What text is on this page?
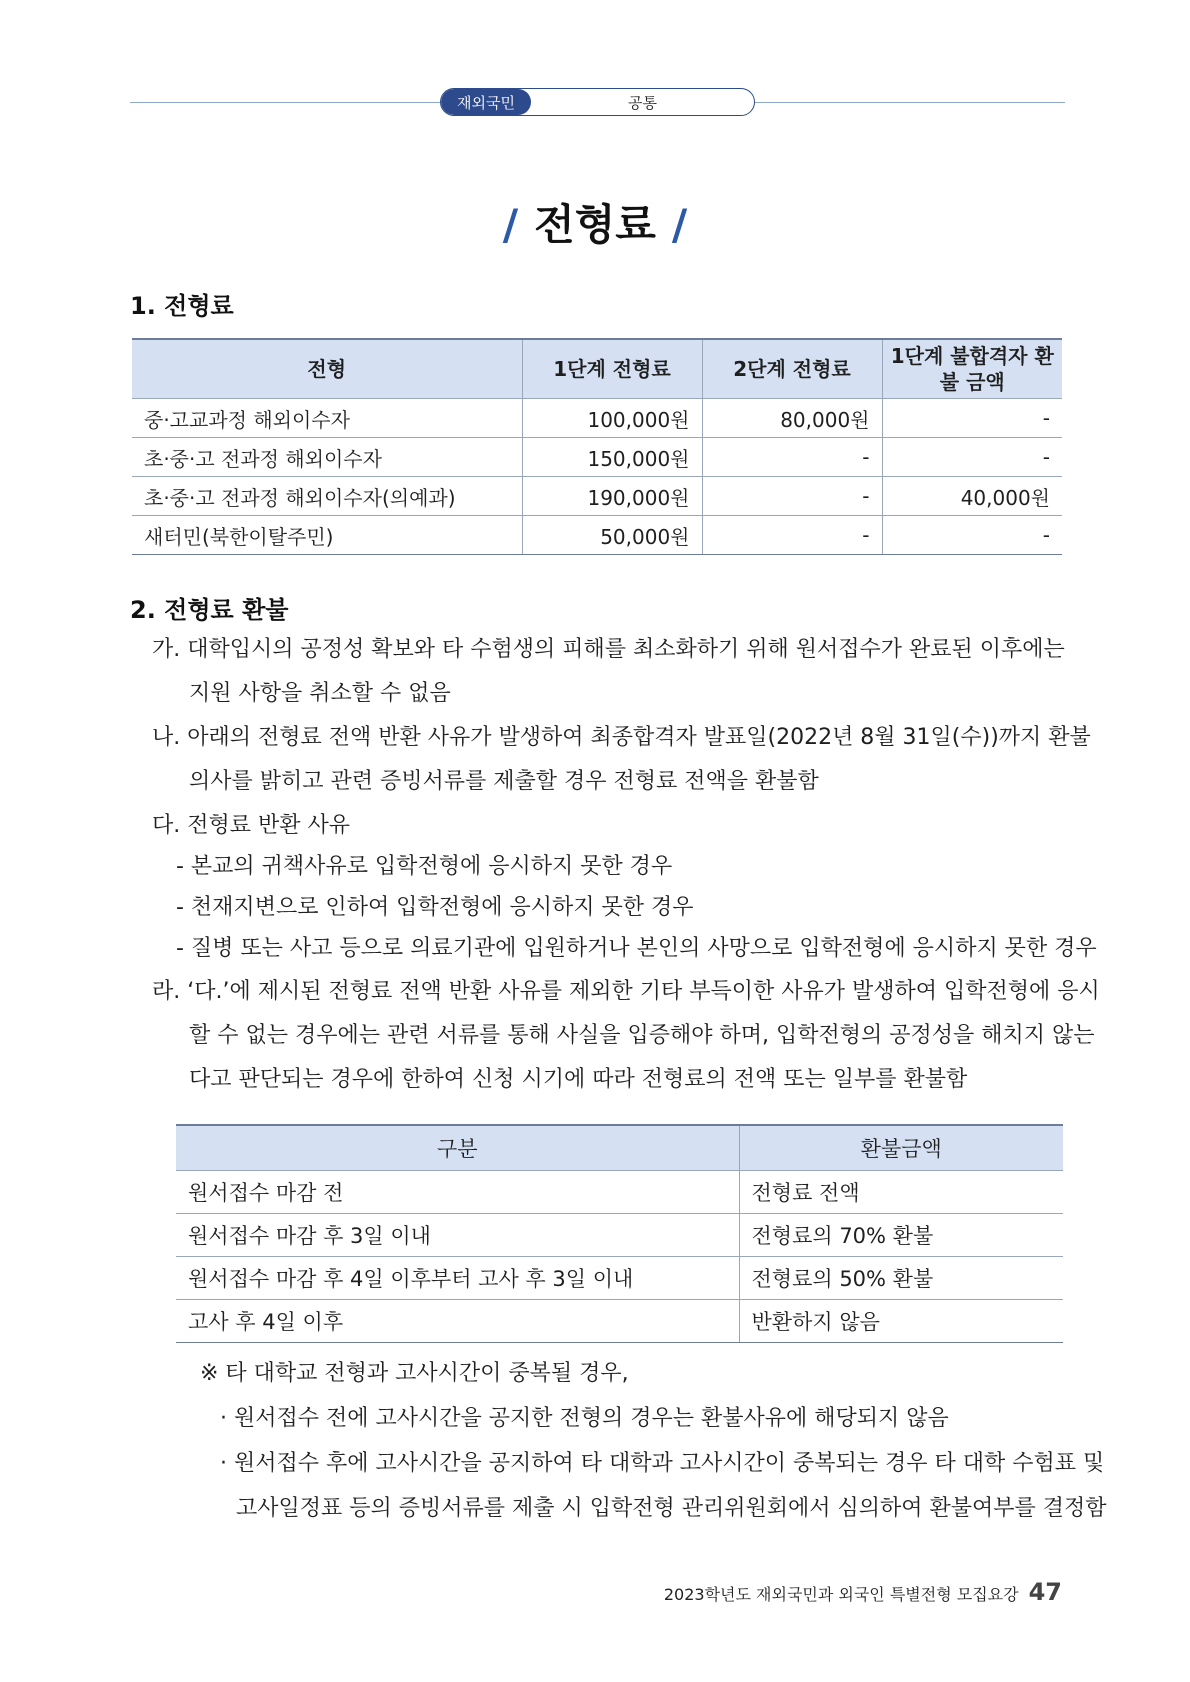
재외국민	공통
/ 전형료 /
1. 전형료
전형	1단계 전형료	2단계 전형료	1단계 불합격자 환불 금액
중·고교과정 해외이수자	100,000원	80,000원	-
초·중·고 전과정 해외이수자	150,000원	-	-
초·중·고 전과정 해외이수자(의예과)	190,000원	-	40,000원
새터민(북한이탈주민)	50,000원	-	-
2. 전형료 환불
가. 대학입시의 공정성 확보와 타 수험생의 피해를 최소화하기 위해 원서접수가 완료된 이후에는
지원 사항을 취소할 수 없음
나. 아래의 전형료 전액 반환 사유가 발생하여 최종합격자 발표일(2022년 8월 31일(수))까지 환불
의사를 밝히고 관련 증빙서류를 제출할 경우 전형료 전액을 환불함
다. 전형료 반환 사유
- 본교의 귀책사유로 입학전형에 응시하지 못한 경우
- 천재지변으로 인하여 입학전형에 응시하지 못한 경우
- 질병 또는 사고 등으로 의료기관에 입원하거나 본인의 사망으로 입학전형에 응시하지 못한 경우
라. ‘다.’에 제시된 전형료 전액 반환 사유를 제외한 기타 부득이한 사유가 발생하여 입학전형에 응시
할 수 없는 경우에는 관련 서류를 통해 사실을 입증해야 하며, 입학전형의 공정성을 해치지 않는
다고 판단되는 경우에 한하여 신청 시기에 따라 전형료의 전액 또는 일부를 환불함
구분	환불금액
원서접수 마감 전	전형료 전액
원서접수 마감 후 3일 이내	전형료의 70% 환불
원서접수 마감 후 4일 이후부터 고사 후 3일 이내	전형료의 50% 환불
고사 후 4일 이후	반환하지 않음
※ 타 대학교 전형과 고사시간이 중복될 경우,
· 원서접수 전에 고사시간을 공지한 전형의 경우는 환불사유에 해당되지 않음
· 원서접수 후에 고사시간을 공지하여 타 대학과 고사시간이 중복되는 경우 타 대학 수험표 및
고사일정표 등의 증빙서류를 제출 시 입학전형 관리위원회에서 심의하여 환불여부를 결정함
2023학년도 재외국민과 외국인 특별전형 모집요강 47
